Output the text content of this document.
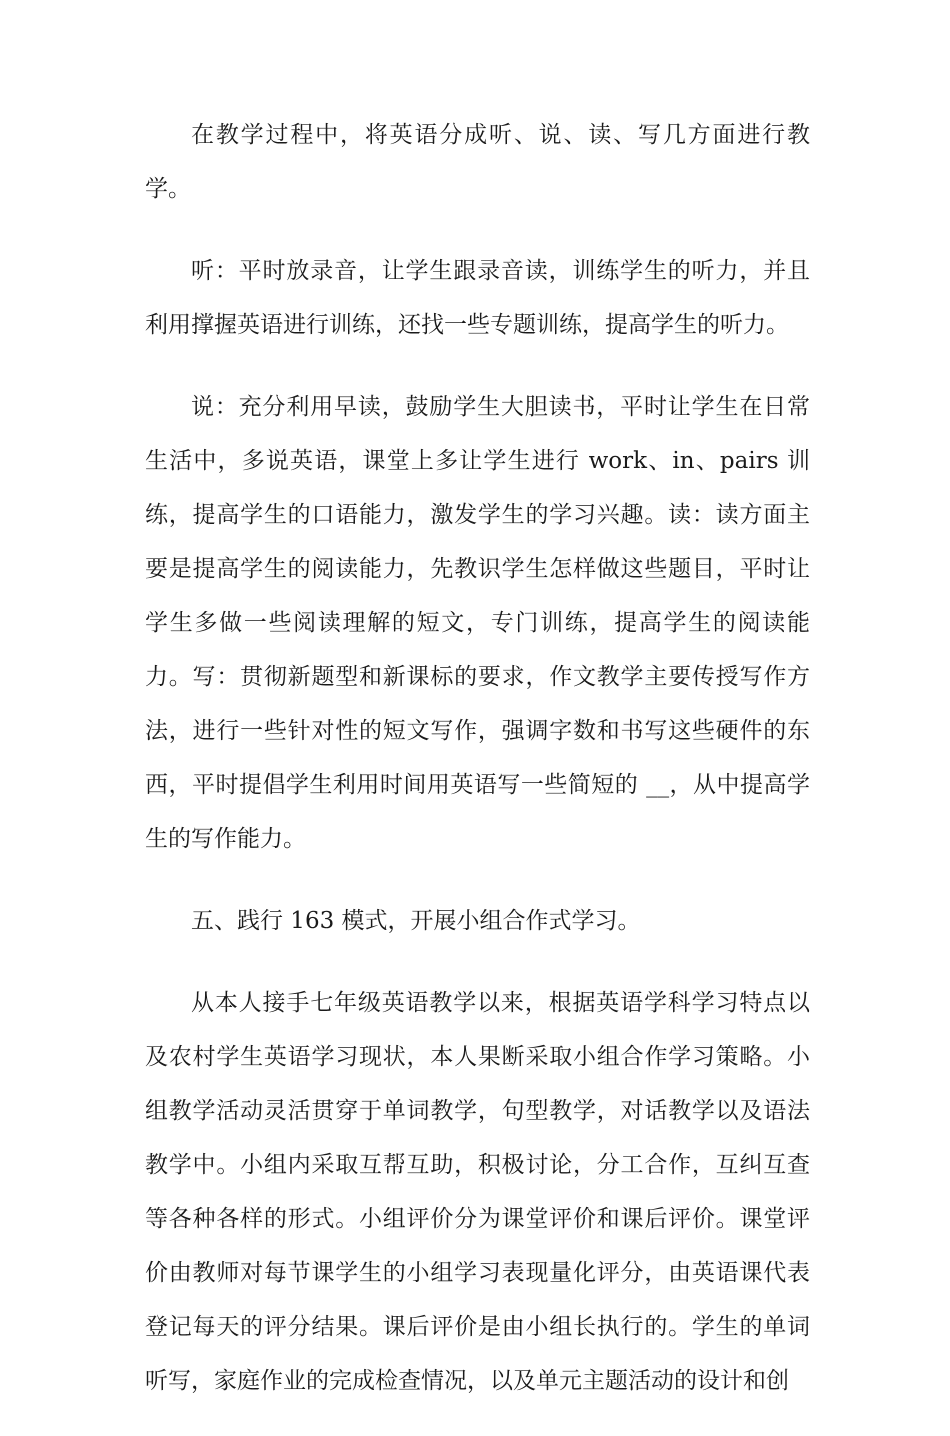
在教学过程中，将英语分成听、说、读、写几方面进行教学。

听：平时放录音，让学生跟录音读，训练学生的听力，并且利用撑握英语进行训练，还找一些专题训练，提高学生的听力。

说：充分利用早读，鼓励学生大胆读书，平时让学生在日常生活中，多说英语，课堂上多让学生进行 work、in、pairs 训练，提高学生的口语能力，激发学生的学习兴趣。读：读方面主要是提高学生的阅读能力，先教识学生怎样做这些题目，平时让学生多做一些阅读理解的短文，专门训练，提高学生的阅读能力。写：贯彻新题型和新课标的要求，作文教学主要传授写作方法，进行一些针对性的短文写作，强调字数和书写这些硬件的东西，平时提倡学生利用时间用英语写一些简短的 __，从中提高学生的写作能力。

五、践行 163 模式，开展小组合作式学习。

从本人接手七年级英语教学以来，根据英语学科学习特点以及农村学生英语学习现状，本人果断采取小组合作学习策略。小组教学活动灵活贯穿于单词教学，句型教学，对话教学以及语法教学中。小组内采取互帮互助，积极讨论，分工合作，互纠互查等各种各样的形式。小组评价分为课堂评价和课后评价。课堂评价由教师对每节课学生的小组学习表现量化评分，由英语课代表登记每天的评分结果。课后评价是由小组长执行的。学生的单词听写，家庭作业的完成检查情况，以及单元主题活动的设计和创
